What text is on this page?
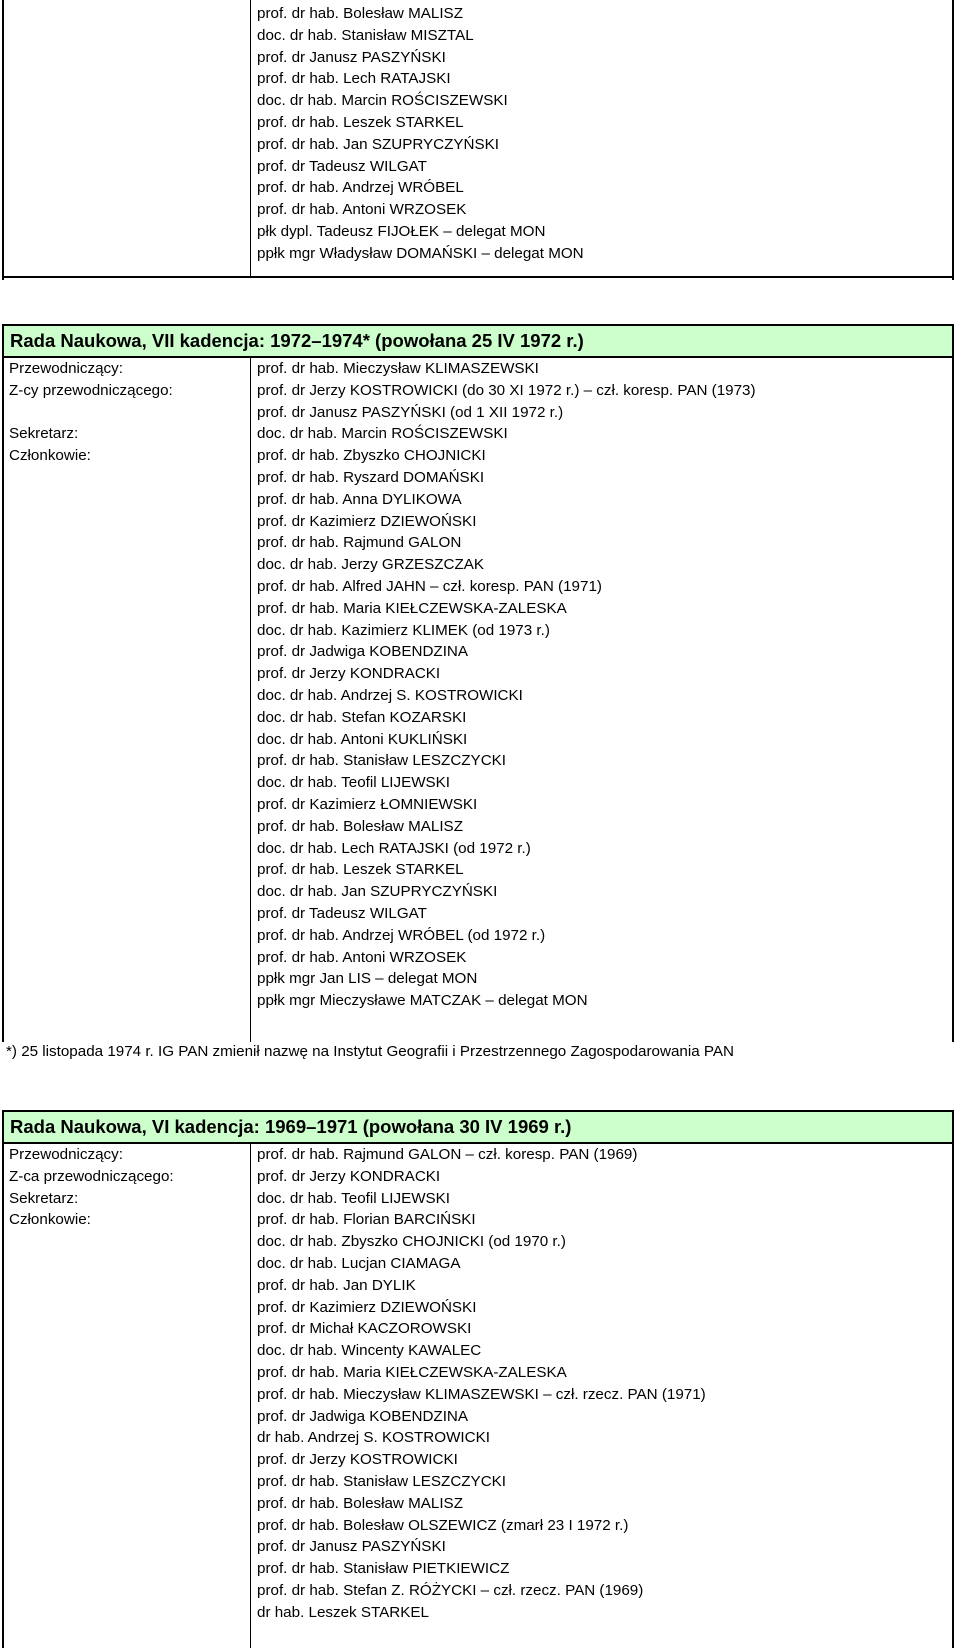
prof. dr hab. Bolesław MALISZ
doc. dr hab. Stanisław MISZTAL
prof. dr Janusz PASZYŃSKI
prof. dr hab. Lech RATAJSKI
doc. dr hab. Marcin ROŚCISZEWSKI
prof. dr hab. Leszek STARKEL
prof. dr hab. Jan SZUPRYCZYŃSKI
prof. dr Tadeusz WILGAT
prof. dr hab. Andrzej WRÓBEL
prof. dr hab. Antoni WRZOSEK
płk dypl. Tadeusz FIJOŁEK – delegat MON
ppłk mgr Władysław DOMAŃSKI – delegat MON
Rada Naukowa, VII kadencja: 1972–1974* (powołana 25 IV 1972 r.)
Przewodniczący:	prof. dr hab. Mieczysław KLIMASZEWSKI
Z-cy przewodniczącego:	prof. dr Jerzy KOSTROWICKI (do 30 XI 1972 r.) – czł. koresp. PAN (1973)
prof. dr Janusz PASZYŃSKI (od 1 XII 1972 r.)
Sekretarz:	doc. dr hab. Marcin ROŚCISZEWSKI
Członkowie:	prof. dr hab. Zbyszko CHOJNICKI
prof. dr hab. Ryszard DOMAŃSKI
prof. dr hab. Anna DYLIKOWA
prof. dr Kazimierz DZIEWOŃSKI
prof. dr hab. Rajmund GALON
doc. dr hab. Jerzy GRZESZCZAK
prof. dr hab. Alfred JAHN – czł. koresp. PAN (1971)
prof. dr hab. Maria KIEŁCZEWSKA-ZALESKA
doc. dr hab. Kazimierz KLIMEK (od 1973 r.)
prof. dr Jadwiga KOBENDZINA
prof. dr Jerzy KONDRACKI
doc. dr hab. Andrzej S. KOSTROWICKI
doc. dr hab. Stefan KOZARSKI
doc. dr hab. Antoni KUKLIŃSKI
prof. dr hab. Stanisław LESZCZYCKI
doc. dr hab. Teofil LIJEWSKI
prof. dr Kazimierz ŁOMNIEWSKI
prof. dr hab. Bolesław MALISZ
doc. dr hab. Lech RATAJSKI (od 1972 r.)
prof. dr hab. Leszek STARKEL
doc. dr hab. Jan SZUPRYCZYŃSKI
prof. dr Tadeusz WILGAT
prof. dr hab. Andrzej WRÓBEL (od 1972 r.)
prof. dr hab. Antoni WRZOSEK
ppłk mgr Jan LIS – delegat MON
ppłk mgr Mieczysławe MATCZAK – delegat MON
*) 25 listopada 1974 r. IG PAN zmienił nazwę na Instytut Geografii i Przestrzennego Zagospodarowania PAN
Rada Naukowa, VI kadencja: 1969–1971 (powołana 30 IV 1969 r.)
Przewodniczący:	prof. dr hab. Rajmund GALON – czł. koresp. PAN (1969)
Z-ca przewodniczącego:	prof. dr Jerzy KONDRACKI
Sekretarz:	doc. dr hab. Teofil LIJEWSKI
Członkowie:	prof. dr hab. Florian BARCIŃSKI
doc. dr hab. Zbyszko CHOJNICKI (od 1970 r.)
doc. dr hab. Lucjan CIAMAGA
prof. dr hab. Jan DYLIK
prof. dr Kazimierz DZIEWOŃSKI
prof. dr Michał KACZOROWSKI
doc. dr hab. Wincenty KAWALEC
prof. dr hab. Maria KIEŁCZEWSKA-ZALESKA
prof. dr hab. Mieczysław KLIMASZEWSKI – czł. rzecz. PAN (1971)
prof. dr Jadwiga KOBENDZINA
dr hab. Andrzej S. KOSTROWICKI
prof. dr Jerzy KOSTROWICKI
prof. dr hab. Stanisław LESZCZYCKI
prof. dr hab. Bolesław MALISZ
prof. dr hab. Bolesław OLSZEWICZ (zmarł 23 I 1972 r.)
prof. dr Janusz PASZYŃSKI
prof. dr hab. Stanisław PIETKIEWICZ
prof. dr hab. Stefan Z. RÓŻYCKI – czł. rzecz. PAN (1969)
dr hab. Leszek STARKEL
